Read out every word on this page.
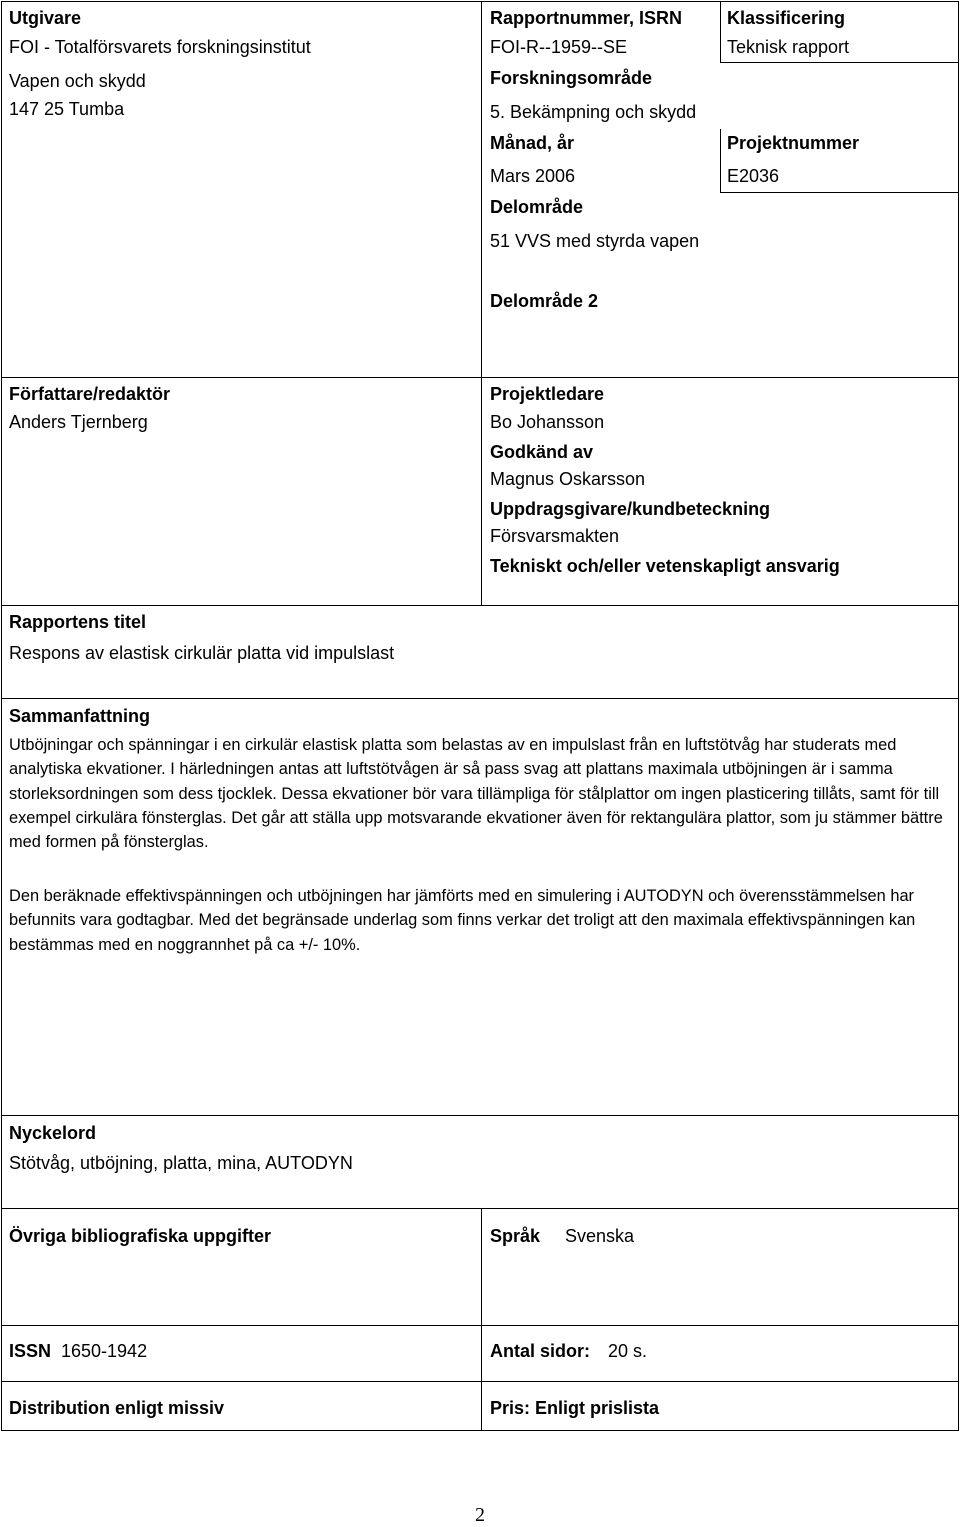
Utgivare
FOI - Totalförsvarets forskningsinstitut
Vapen och skydd
147 25 Tumba
Rapportnummer, ISRN
FOI-R--1959--SE
Klassificering
Teknisk rapport
Forskningsområde
5. Bekämpning och skydd
Månad, år
Mars 2006
Projektnummer
E2036
Delområde
51 VVS med styrda vapen
Delområde 2
Författare/redaktör
Anders Tjernberg
Projektledare
Bo Johansson
Godkänd av
Magnus Oskarsson
Uppdragsgivare/kundbeteckning
Försvarsmakten
Tekniskt och/eller vetenskapligt ansvarig
Rapportens titel
Respons av elastisk cirkulär platta vid impulslast
Sammanfattning
Utböjningar och spänningar i en cirkulär elastisk platta som belastas av en impulslast från en luftstötvåg har studerats med analytiska ekvationer. I härledningen antas att luftstötvågen är så pass svag att plattans maximala utböjningen är i samma storleksordningen som dess tjocklek. Dessa ekvationer bör vara tillämpliga för stålplattor om ingen plasticering tillåts, samt för till exempel cirkulära fönsterglas. Det går att ställa upp motsvarande ekvationer även för rektangulära plattor, som ju stämmer bättre med formen på fönsterglas.
Den beräknade effektivspänningen och utböjningen har jämförts med en simulering i AUTODYN och överensstämmelsen har befunnits vara godtagbar. Med det begränsade underlag som finns verkar det troligt att den maximala effektivspänningen kan bestämmas med en noggrannhet på ca +/- 10%.
Nyckelord
Stötvåg, utböjning, platta, mina, AUTODYN
Övriga bibliografiska uppgifter	Språk Svenska
ISSN 1650-1942	Antal sidor: 20 s.
Distribution enligt missiv	Pris: Enligt prislista
2
